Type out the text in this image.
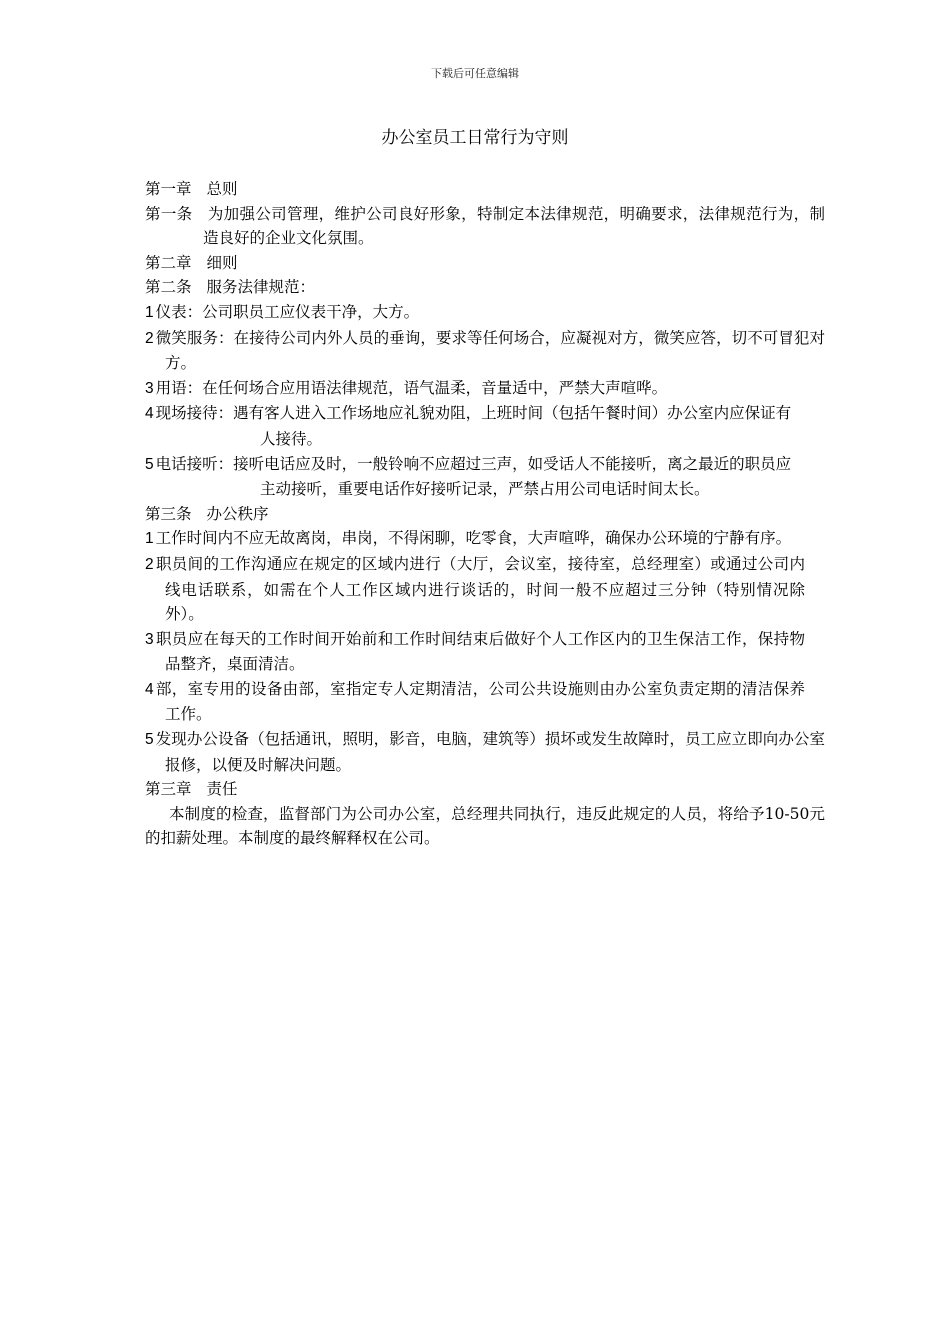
下载后可任意编辑
办公室员工日常行为守则

第一章 总则

第一条 为加强公司管理，维护公司良好形象，特制定本法律规范，明确要求，法律规范行为，制造良好的企业文化氛围。

第二章 细则

第二条 服务法律规范：

1 仪表：公司职员工应仪表干净，大方。

2 微笑服务：在接待公司内外人员的垂询，要求等任何场合，应凝视对方，微笑应答，切不可冒犯对方。

3 用语：在任何场合应用语法律规范，语气温柔，音量适中，严禁大声喧哗。

4 现场接待：遇有客人进入工作场地应礼貌劝阻，上班时间（包括午餐时间）办公室内应保证有人接待。

5 电话接听：接听电话应及时，一般铃响不应超过三声，如受话人不能接听，离之最近的职员应主动接听，重要电话作好接听记录，严禁占用公司电话时间太长。

第三条 办公秩序

1 工作时间内不应无故离岗，串岗，不得闲聊，吃零食，大声喧哗，确保办公环境的宁静有序。

2 职员间的工作沟通应在规定的区域内进行（大厅，会议室，接待室，总经理室）或通过公司内线电话联系，如需在个人工作区域内进行谈话的，时间一般不应超过三分钟（特别情况除外）。

3 职员应在每天的工作时间开始前和工作时间结束后做好个人工作区内的卫生保洁工作，保持物品整齐，桌面清洁。

4 部，室专用的设备由部，室指定专人定期清洁，公司公共设施则由办公室负责定期的清洁保养工作。

5 发现办公设备（包括通讯，照明，影音，电脑，建筑等）损坏或发生故障时，员工应立即向办公室报修，以便及时解决问题。

第三章 责任

本制度的检查，监督部门为公司办公室，总经理共同执行，违反此规定的人员，将给予10-50元的扣薪处理。本制度的最终解释权在公司。
